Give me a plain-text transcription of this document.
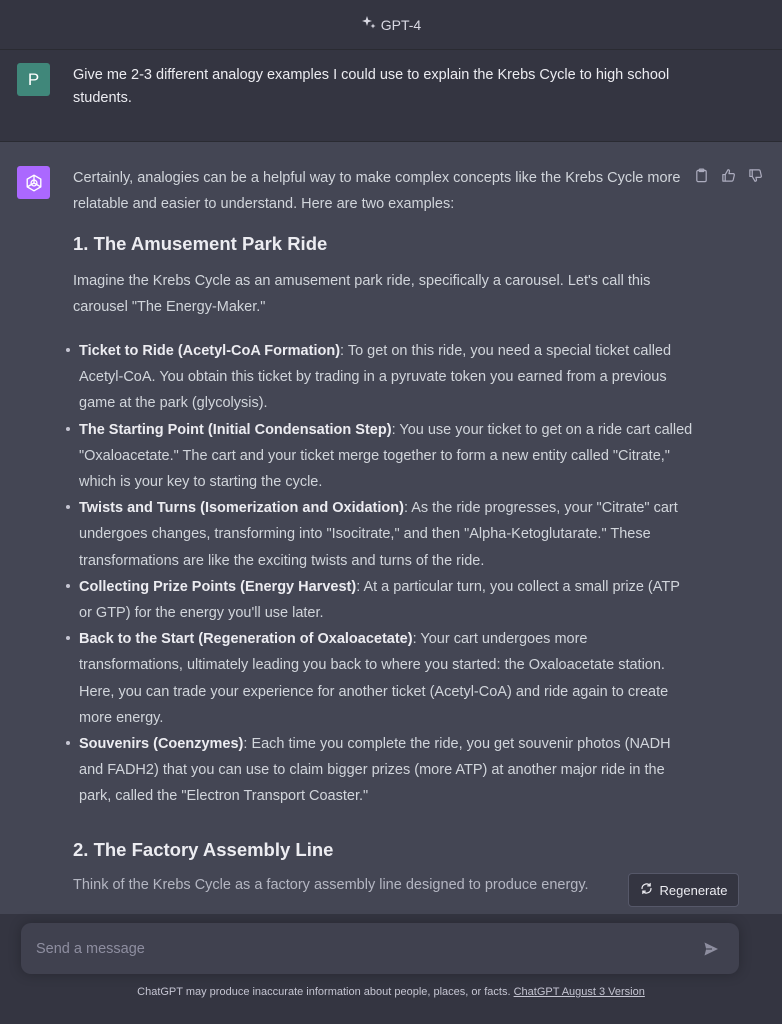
GPT-4
P Give me 2-3 different analogy examples I could use to explain the Krebs Cycle to high school students.

Certainly, analogies can be a helpful way to make complex concepts like the Krebs Cycle more relatable and easier to understand. Here are two examples:

1. The Amusement Park Ride

Imagine the Krebs Cycle as an amusement park ride, specifically a carousel. Let's call this carousel "The Energy-Maker."

Ticket to Ride (Acetyl-CoA Formation): To get on this ride, you need a special ticket called Acetyl-CoA. You obtain this ticket by trading in a pyruvate token you earned from a previous game at the park (glycolysis).
The Starting Point (Initial Condensation Step): You use your ticket to get on a ride cart called "Oxaloacetate." The cart and your ticket merge together to form a new entity called "Citrate," which is your key to starting the cycle.
Twists and Turns (Isomerization and Oxidation): As the ride progresses, your "Citrate" cart undergoes changes, transforming into "Isocitrate," and then "Alpha-Ketoglutarate." These transformations are like the exciting twists and turns of the ride.
Collecting Prize Points (Energy Harvest): At a particular turn, you collect a small prize (ATP or GTP) for the energy you'll use later.
Back to the Start (Regeneration of Oxaloacetate): Your cart undergoes more transformations, ultimately leading you back to where you started: the Oxaloacetate station. Here, you can trade your experience for another ticket (Acetyl-CoA) and ride again to create more energy.
Souvenirs (Coenzymes): Each time you complete the ride, you get souvenir photos (NADH and FADH2) that you can use to claim bigger prizes (more ATP) at another major ride in the park, called the "Electron Transport Coaster."
2. The Factory Assembly Line

Think of the Krebs Cycle as a factory assembly line designed to produce energy.	Regenerate
Send a message
ChatGPT may produce inaccurate information about people, places, or facts. ChatGPT August 3 Version
